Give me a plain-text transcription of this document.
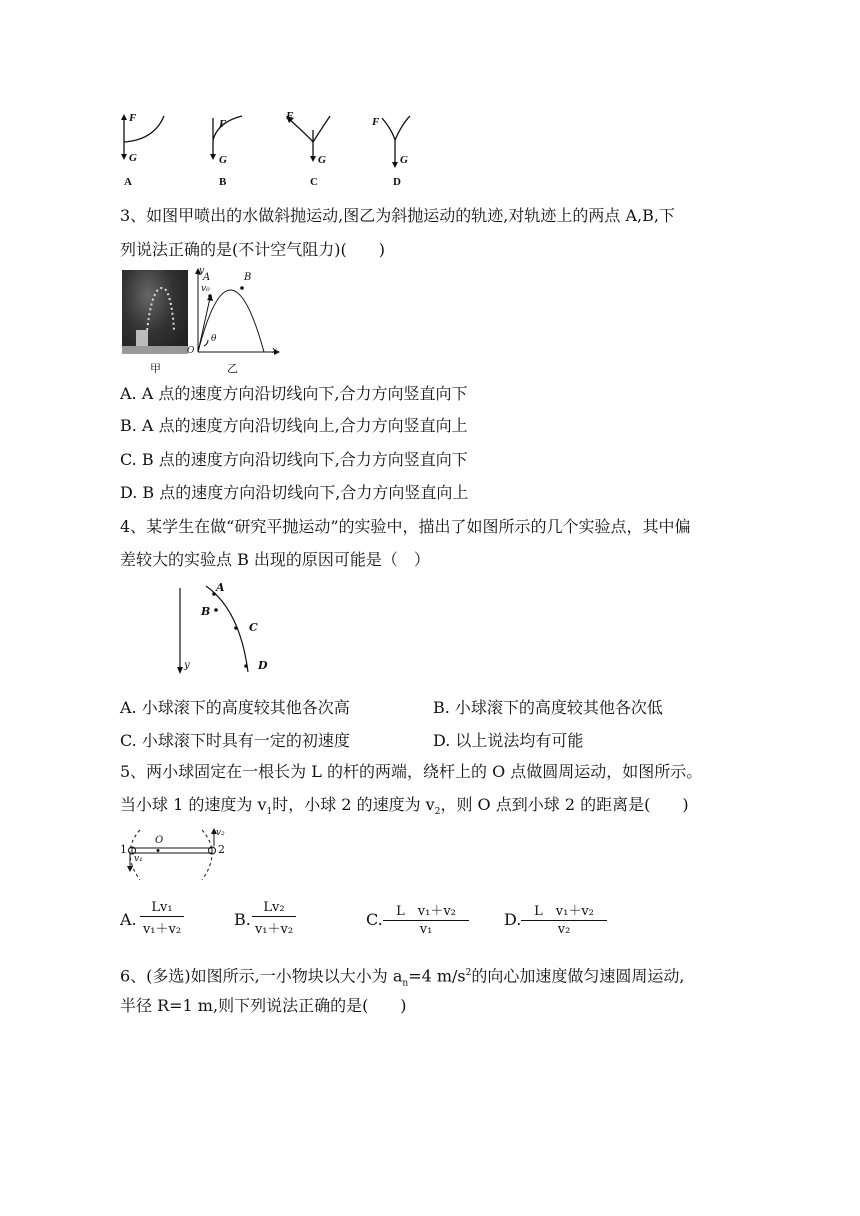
F
G
F
G
F
G
F
G
A	B	C	D
3、如图甲喷出的水做斜抛运动,图乙为斜抛运动的轨迹,对轨迹上的两点 A,B,下
列说法正确的是(不计空气阻力)(　　)
甲
A	B
v₀
θ
O	x
y
乙
A. A 点的速度方向沿切线向下,合力方向竖直向下
B. A 点的速度方向沿切线向上,合力方向竖直向上
C. B 点的速度方向沿切线向下,合力方向竖直向下
D. B 点的速度方向沿切线向下,合力方向竖直向上
4、某学生在做“研究平抛运动”的实验中，描出了如图所示的几个实验点，其中偏
差较大的实验点 B 出现的原因可能是（　）
A
B
C
D
y
A. 小球滚下的高度较其他各次高	B. 小球滚下的高度较其他各次低
C. 小球滚下时具有一定的初速度	D. 以上说法均有可能
5、两小球固定在一根长为 L 的杆的两端，绕杆上的 O 点做圆周运动，如图所示。
当小球 1 的速度为 $v_1$时，小球 2 的速度为 $v_2$，则 O 点到小球 2 的距离是(　　)
1	2
O
v₁
v₂
A.
Lv₁
v₁＋v₂
B.
Lv₂
v₁＋v₂
C.	L　v₁＋v₂
v₁
D. L　v₁＋v₂
v₂
6、(多选)如图所示,一小物块以大小为 $a_n=4$ $m/s^2$的向心加速度做匀速圆周运动,
半径 R=1 m,则下列说法正确的是(　　)
